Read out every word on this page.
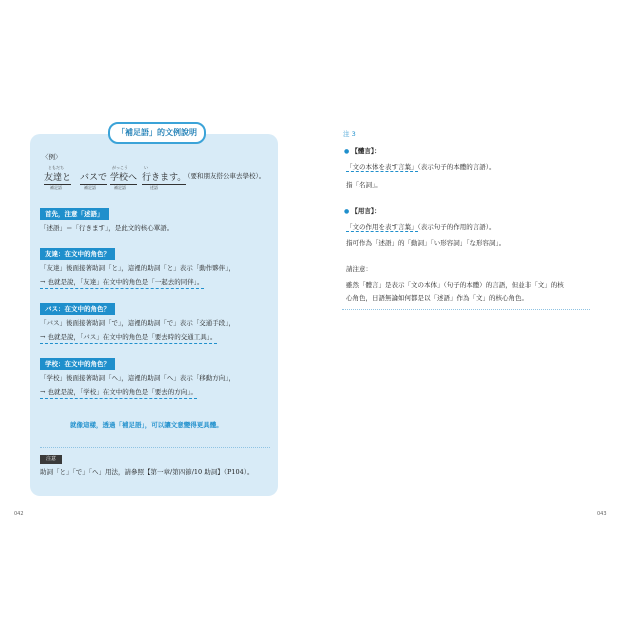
「補足語」的文例說明
〈例〉
ともだち
友達と
補足語
バスで
補足語
がっこう
学校へ
補足語
い
行きます。
述語
（要和朋友搭公車去學校）。
首先，注意「述語」
「述語」＝「行きます」，是此文的核心單語。
友達：在文中的角色？
「友達」後面接著助詞「と」，這裡的助詞「と」表示「動作夥伴」，
→ 也就是說，「友達」在文中的角色是「一起去的同伴」。
バス：在文中的角色？
「バス」後面接著助詞「で」，這裡的助詞「で」表示「交通手段」，
→ 也就是說，「バス」在文中的角色是「要去時的交通工具」。
学校：在文中的角色？
「学校」後面接著助詞「へ」，這裡的助詞「へ」表示「移動方向」，
→ 也就是說，「学校」在文中的角色是「要去的方向」。
就像這樣，透過「補足語」，可以讓文意變得更具體。
注意
助詞「と」「で」「へ」用法，請參照【第一章/第四節/10 助詞】（P104）。
042
注 3
● 【體言】：
「文の本体を表す言葉」（表示句子的本體的言語）。
指「名詞」。
● 【用言】：
「文の作用を表す言葉」（表示句子的作用的言語）。
指可作為「述語」的「動詞」「い形容詞」「な形容詞」。
請注意：
雖然「體言」是表示「文の本体」（句子的本體）的言語，但並非「文」的核
心角色，日語無論如何都是以「述語」作為「文」的核心角色。
043
